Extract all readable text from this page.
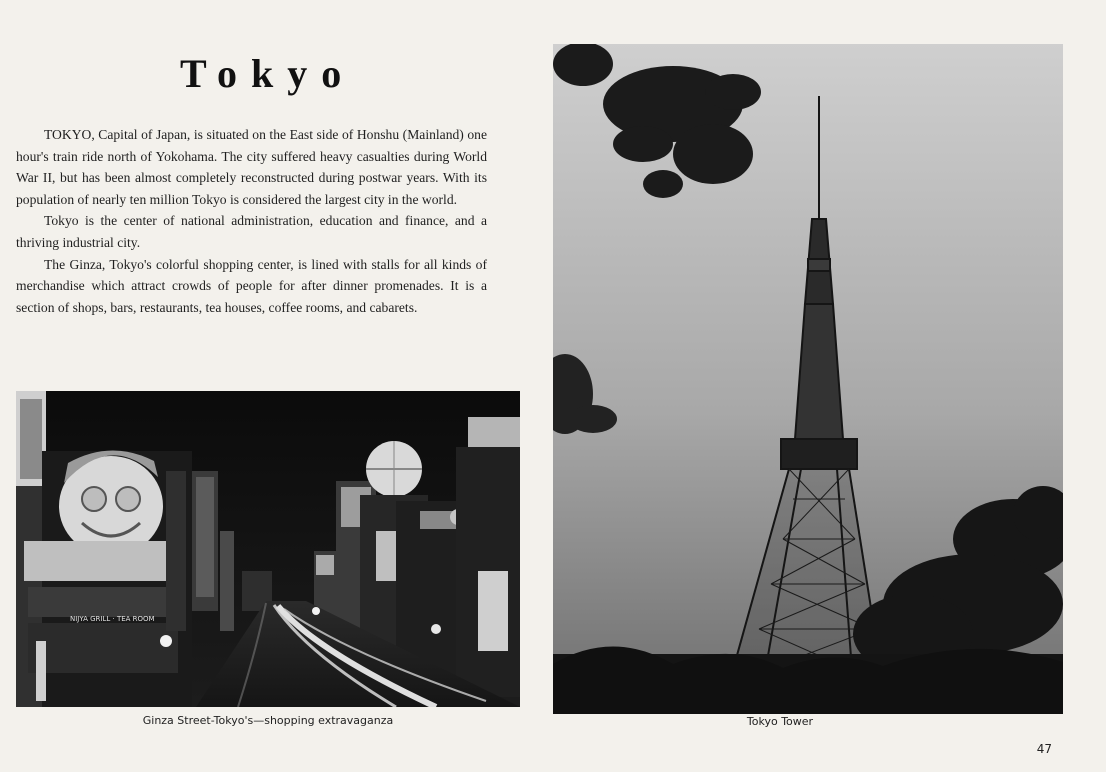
Tokyo

TOKYO, Capital of Japan, is situated on the East side of Honshu (Mainland) one hour's train ride north of Yokohama. The city suffered heavy casualties during World War II, but has been almost completely reconstructed during postwar years. With its population of nearly ten million Tokyo is considered the largest city in the world.

Tokyo is the center of national administration, education and finance, and a thriving industrial city.

The Ginza, Tokyo's colorful shopping center, is lined with stalls for all kinds of merchandise which attract crowds of people for after dinner promenades. It is a section of shops, bars, restaurants, tea houses, coffee rooms, and cabarets.

NIJYA GRILL · TEA ROOM
Ginza Street-Tokyo's—shopping extravaganza	Tokyo Tower
47
